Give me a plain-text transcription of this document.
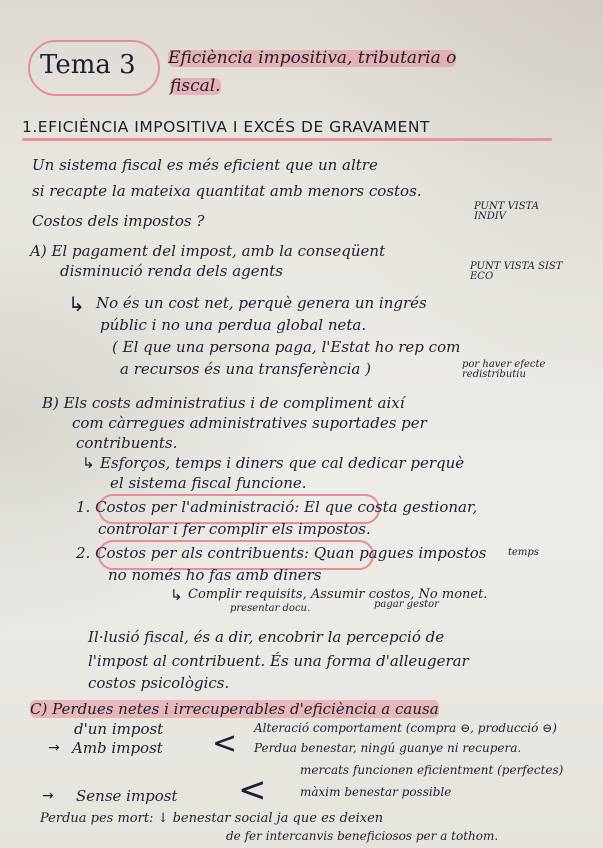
Tema 3 Eficiència impositiva, tributaria o
fiscal.
1.EFICIÈNCIA IMPOSITIVA I EXCÉS DE GRAVAMENT
Un sistema fiscal es més eficient que un altre
si recapte la mateixa quantitat amb menors costos.
Costos dels impostos ?
PUNT VISTA INDIV
A) El pagament del impost, amb la conseqüent
disminució renda dels agents	PUNT VISTA SIST ECO
↳ No és un cost net, perquè genera un ingrés
públic i no una perdua global neta.
( El que una persona paga, l'Estat ho rep com
a recursos és una transferència )	por haver efecte redistributiu
B) Els costs administratius i de compliment així
com càrregues administratives suportades per
contribuents.
↳ Esforços, temps i diners que cal dedicar perquè
el sistema fiscal funcione.
1. Costos per l'administració: El que costa gestionar,
controlar i fer complir els impostos.
2. Costos per als contribuents: Quan pagues impostos temps
no només ho fas amb diners
↳ Complir requisits, Assumir costos, No monet.
presentar docu.	pagar gestor
Il·lusió fiscal, és a dir, encobrir la percepció de
l'impost al contribuent. És una forma d'alleugerar
costos psicològics.
C) Perdues netes i irrecuperables d'eficiència a causa
d'un impost
→ Amb impost < Alteració comportament (compra ⊖, producció ⊖)
Perdua benestar, ningú guanye ni recupera.
→ Sense impost <	mercats funcionen eficientment (perfectes)
màxim benestar possible
Perdua pes mort: ↓ benestar social ja que es deixen
de fer intercanvis beneficiosos per a tothom.
